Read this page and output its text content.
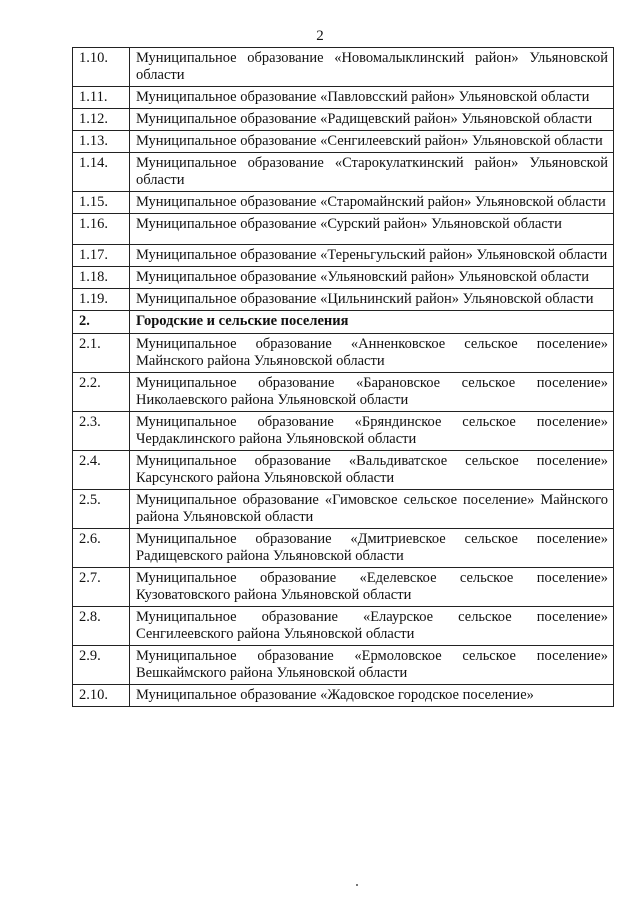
2
1.10.	Муниципальное образование «Новомалыклинский район» Ульяновской области
1.11.	Муниципальное образование «Павловсский район» Ульяновской области
1.12.	Муниципальное образование «Радищевский район» Ульяновской области
1.13.	Муниципальное образование «Сенгилеевский район» Ульяновской области
1.14.	Муниципальное образование «Старокулаткинский район» Ульяновской области
1.15.	Муниципальное образование «Старомайнский район» Ульяновской области
1.16.	Муниципальное образование «Сурский район» Ульяновской области
1.17.	Муниципальное образование «Тереньгульский район» Ульяновской области
1.18.	Муниципальное образование «Ульяновский район» Ульяновской области
1.19.	Муниципальное образование «Цильнинский район» Ульяновской области
2.	Городские и сельские поселения
2.1.	Муниципальное образование «Анненковское сельское поселение» Майнского района Ульяновской области
2.2.	Муниципальное образование «Барановское сельское поселение» Николаевского района Ульяновской области
2.3.	Муниципальное образование «Бряндинское сельское поселение» Чердаклинского района Ульяновской области
2.4.	Муниципальное образование «Вальдиватское сельское поселение» Карсунского района Ульяновской области
2.5.	Муниципальное образование «Гимовское сельское поселение» Майнского района Ульяновской области
2.6.	Муниципальное образование «Дмитриевское сельское поселение» Радищевского района Ульяновской области
2.7.	Муниципальное образование «Еделевское сельское поселение» Кузоватовского района Ульяновской области
2.8.	Муниципальное образование «Елаурское сельское поселение» Сенгилеевского района Ульяновской области
2.9.	Муниципальное образование «Ермоловское сельское поселение» Вешкаймского района Ульяновской области
2.10.	Муниципальное образование «Жадовское городское поселение»
